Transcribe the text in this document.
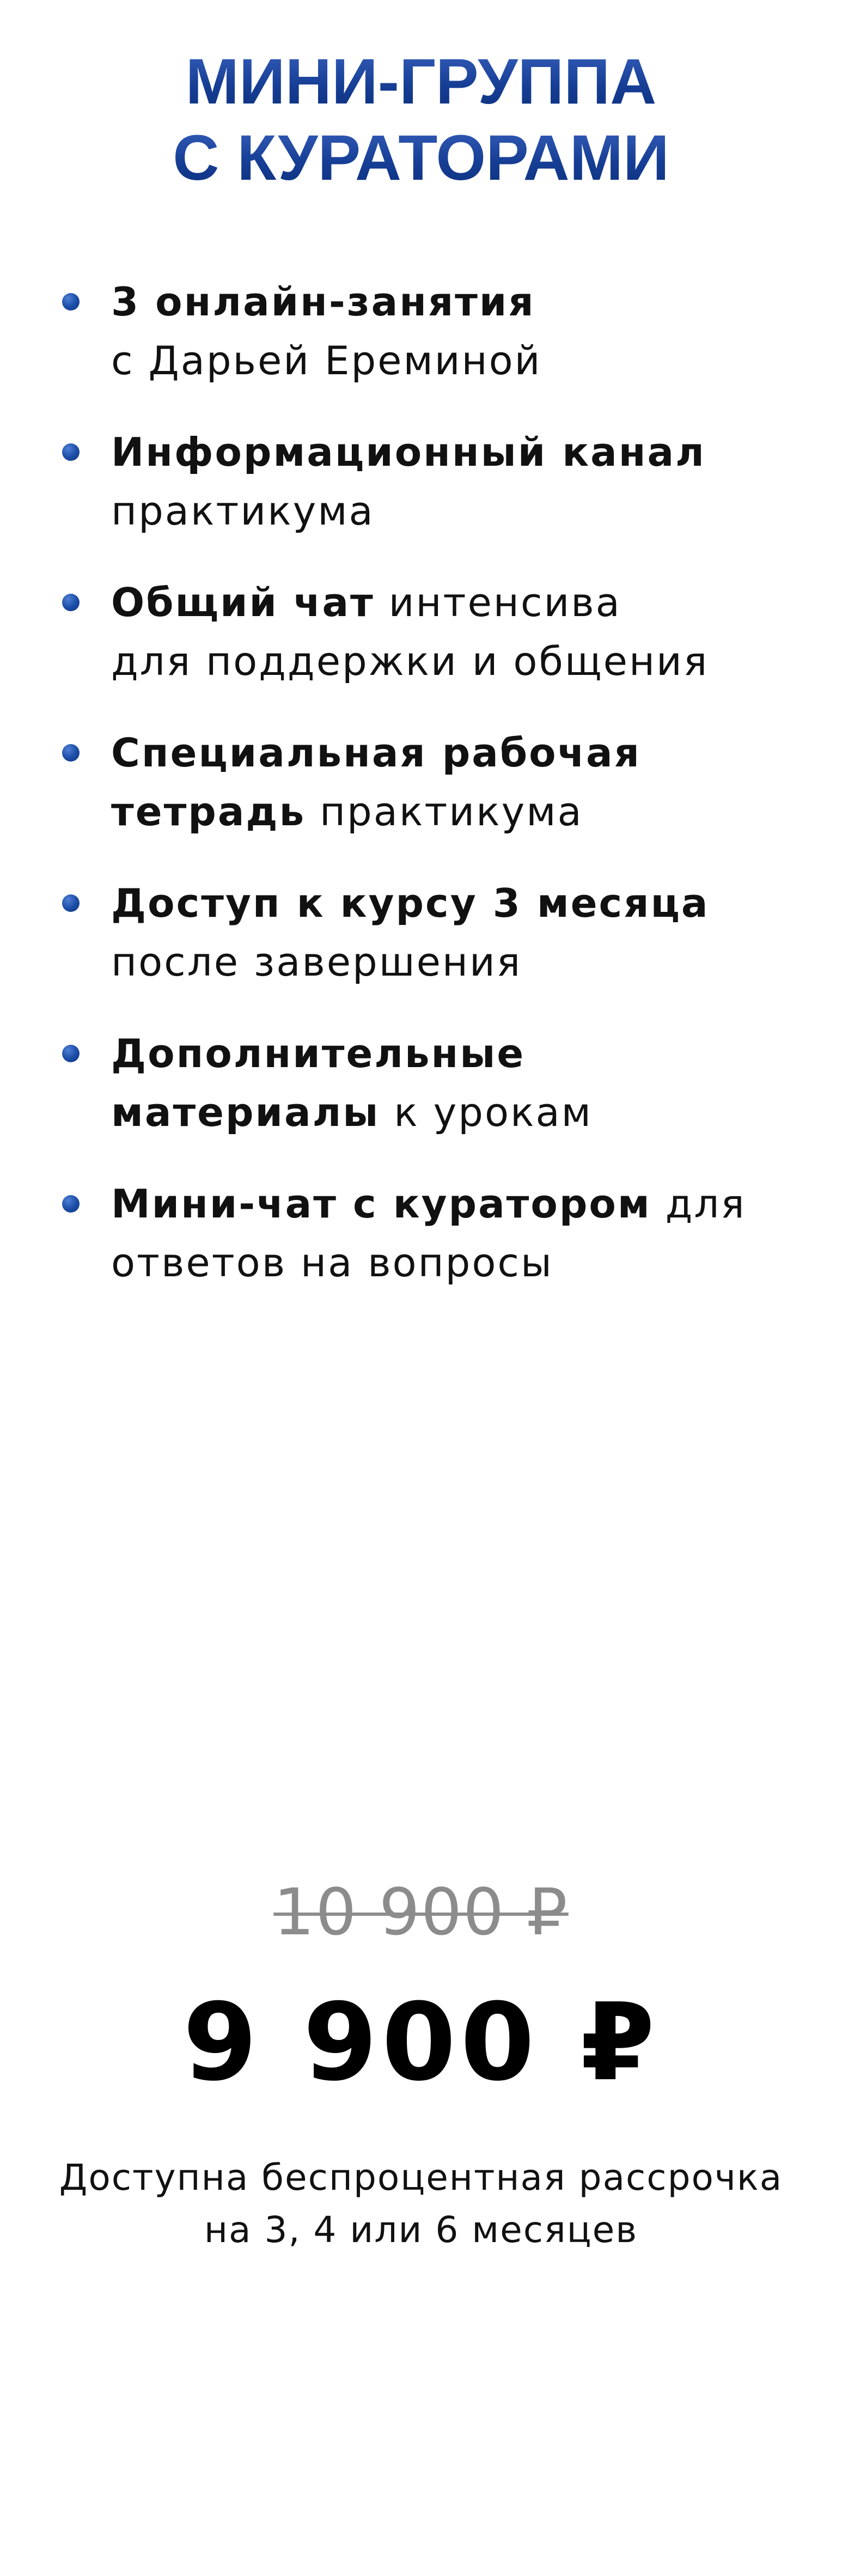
МИНИ-ГРУППА
С КУРАТОРАМИ
3 онлайн-занятия
с Дарьей Ереминой
Информационный канал
практикума
Общий чат интенсива
для поддержки и общения
Специальная рабочая
тетрадь практикума
Доступ к курсу 3 месяца
после завершения
Дополнительные
материалы к урокам
Мини-чат с куратором для
ответов на вопросы
10 900 ₽
9 900 ₽
Доступна беспроцентная рассрочка
на 3, 4 или 6 месяцев
